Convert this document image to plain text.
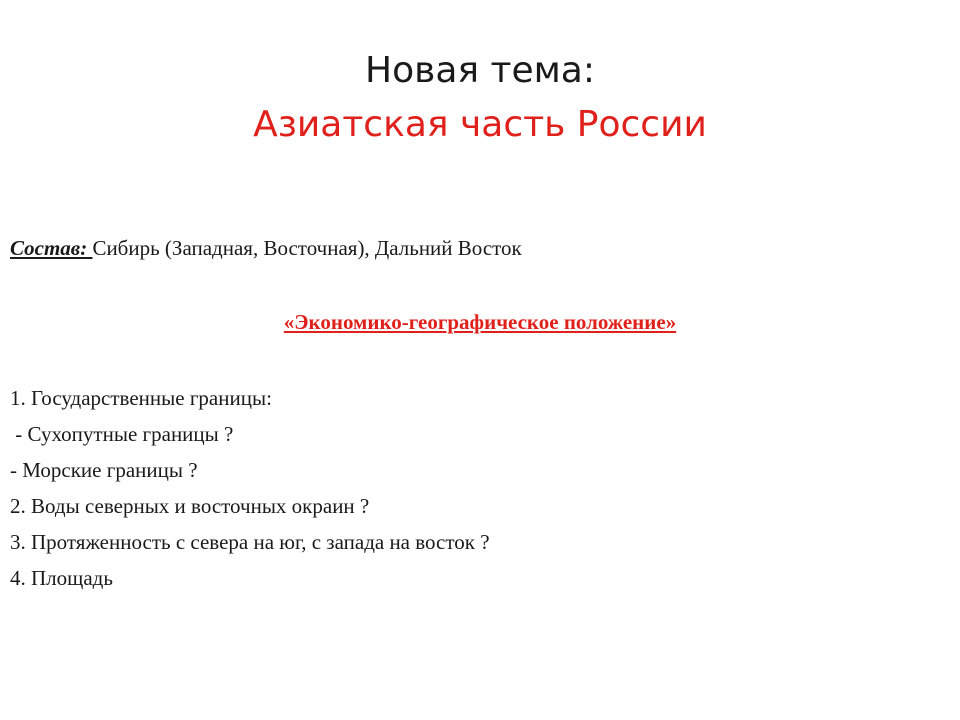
Новая тема:
Азиатская часть России
Состав: Сибирь (Западная, Восточная), Дальний Восток
«Экономико-географическое положение»
1. Государственные границы:
- Сухопутные границы ?
- Морские границы ?
2. Воды северных и восточных окраин ?
3. Протяженность с севера на юг, с запада на восток ?
4. Площадь
